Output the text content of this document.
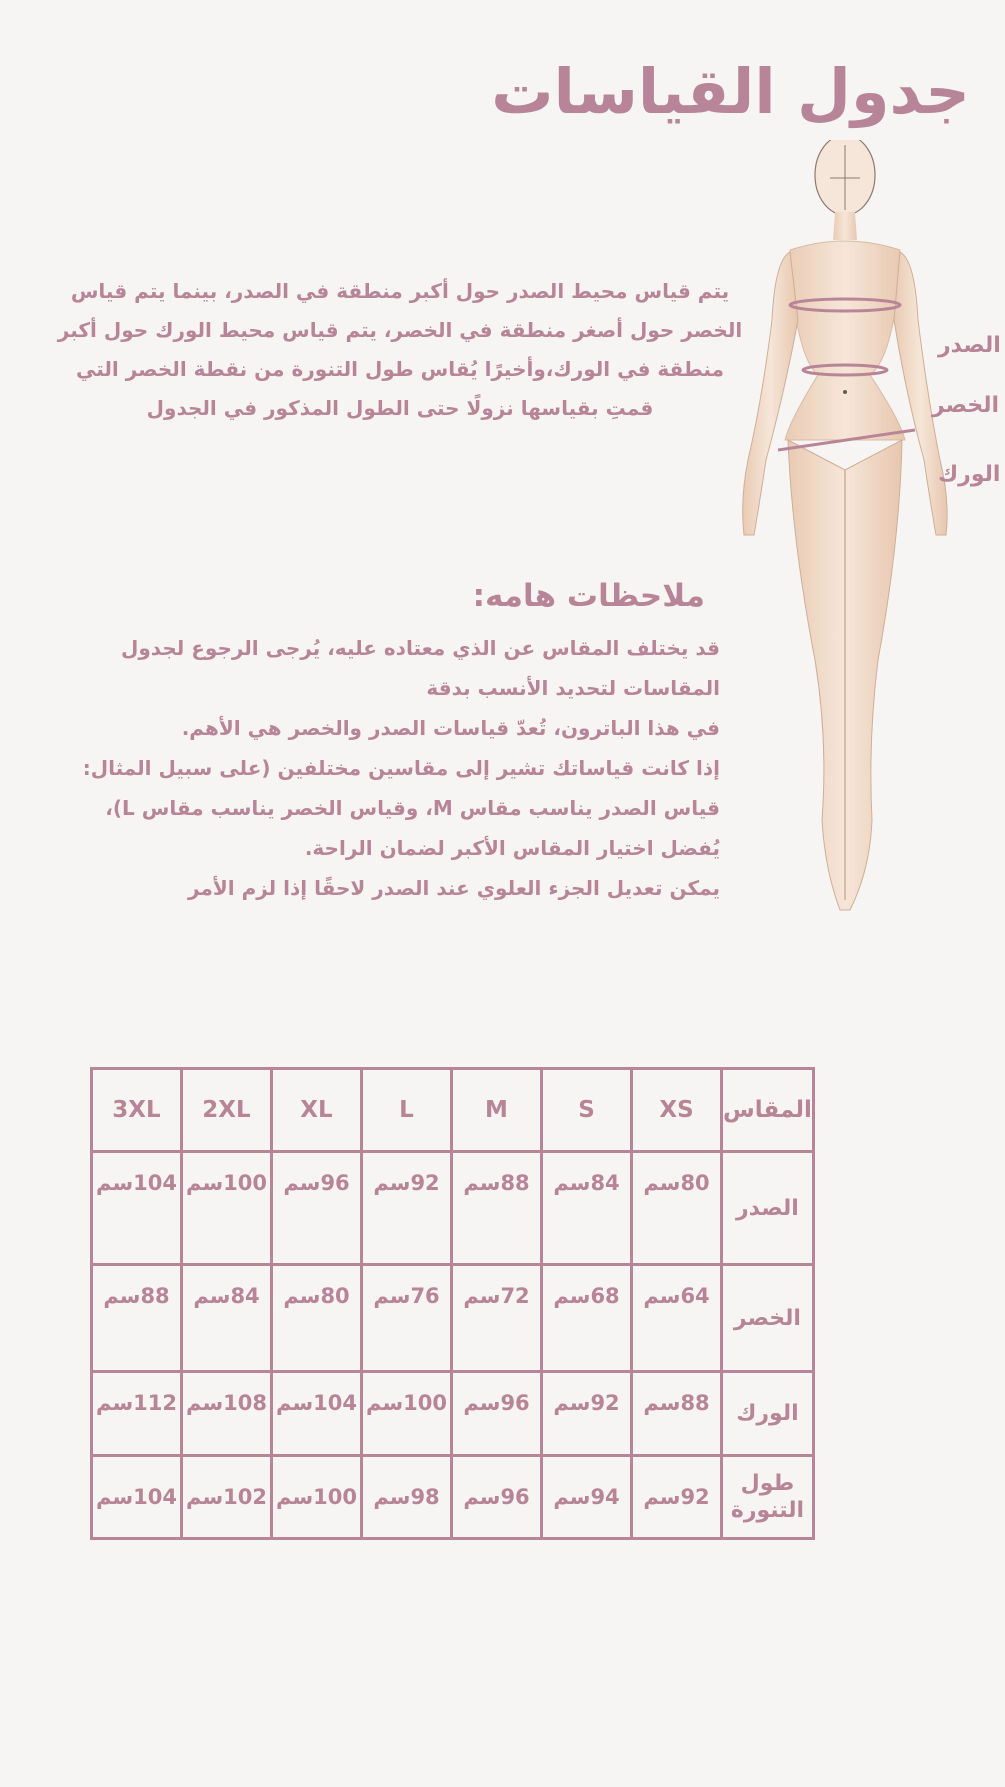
جدول القياسات
الصدر
الخصر
الورك
يتم قياس محيط الصدر حول أكبر منطقة في الصدر، بينما يتم قياس الخصر حول أصغر منطقة في الخصر، يتم قياس محيط الورك حول أكبر منطقة في الورك،وأخيرًا يُقاس طول التنورة من نقطة الخصر التي قمتِ بقياسها نزولًا حتى الطول المذكور في الجدول
ملاحظات هامه:

قد يختلف المقاس عن الذي معتاده عليه، يُرجى الرجوع لجدول المقاسات لتحديد الأنسب بدقة

في هذا الباترون، تُعدّ قياسات الصدر والخصر هي الأهم.

إذا كانت قياساتك تشير إلى مقاسين مختلفين (على سبيل المثال: قياس الصدر يناسب مقاس M، وقياس الخصر يناسب مقاس L)، يُفضل اختيار المقاس الأكبر لضمان الراحة.

يمكن تعديل الجزء العلوي عند الصدر لاحقًا إذا لزم الأمر

المقاس	XS	S	M	L	XL	2XL	3XL
الصدر	80سم	84سم	88سم	92سم	96سم	100سم	104سم
الخصر	64سم	68سم	72سم	76سم	80سم	84سم	88سم
الورك	88سم	92سم	96سم	100سم	104سم	108سم	112سم
طول التنورة	92سم	94سم	96سم	98سم	100سم	102سم	104سم
